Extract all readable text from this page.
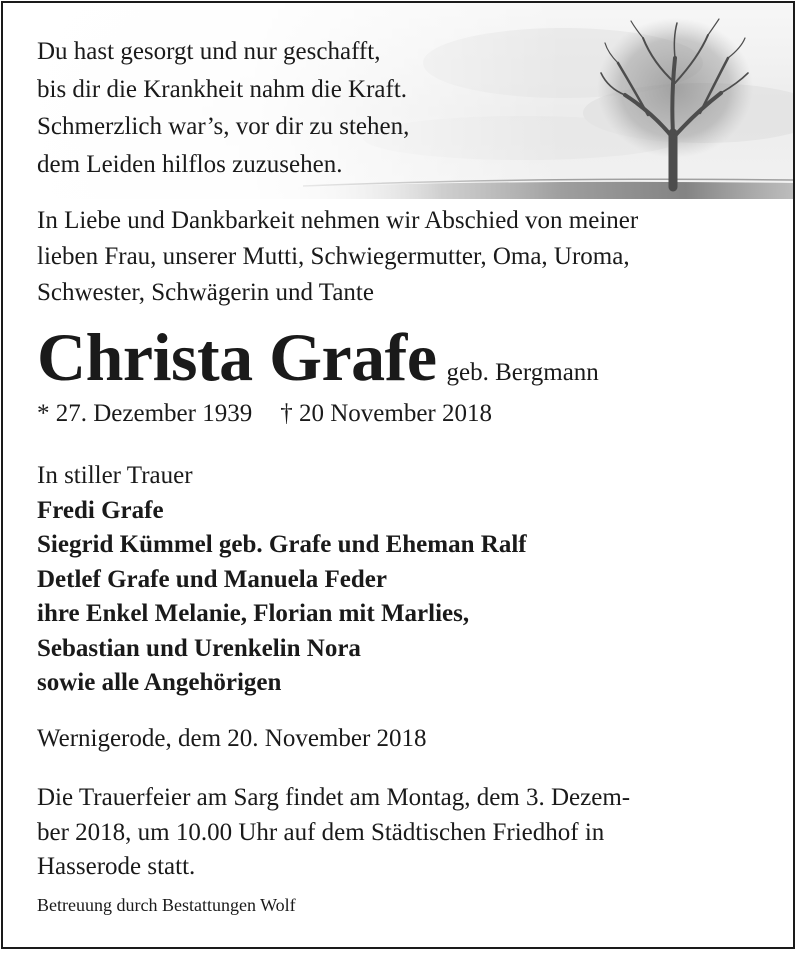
Du hast gesorgt und nur geschafft,
bis dir die Krankheit nahm die Kraft.
Schmerzlich war’s, vor dir zu stehen,
dem Leiden hilflos zuzusehen.

In Liebe und Dankbarkeit nehmen wir Abschied von meiner
lieben Frau, unserer Mutti, Schwiegermutter, Oma, Uroma,
Schwester, Schwägerin und Tante

Christa Grafe geb. Bergmann
* 27. Dezember 1939 † 20 November 2018
In stiller Trauer
Fredi Grafe
Siegrid Kümmel geb. Grafe und Eheman Ralf
Detlef Grafe und Manuela Feder
ihre Enkel Melanie, Florian mit Marlies,
Sebastian und Urenkelin Nora
sowie alle Angehörigen
Wernigerode, dem 20. November 2018

Die Trauerfeier am Sarg findet am Montag, dem 3. Dezem-
ber 2018, um 10.00 Uhr auf dem Städtischen Friedhof in
Hasserode statt.

Betreuung durch Bestattungen Wolf
